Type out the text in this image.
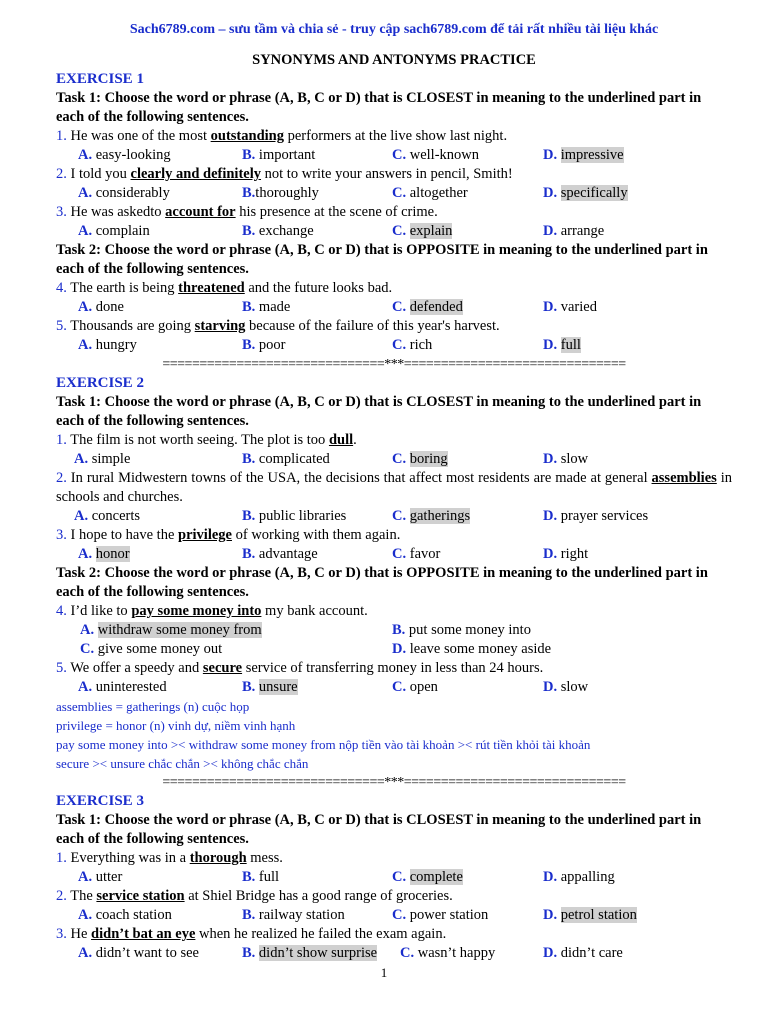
Sach6789.com – sưu tầm và chia sẻ - truy cập sach6789.com để tải rất nhiều tài liệu khác
SYNONYMS AND ANTONYMS PRACTICE
EXERCISE 1
Task 1: Choose the word or phrase (A, B, C or D) that is CLOSEST in meaning to the underlined part in each of the following sentences.
1. He was one of the most outstanding performers at the live show last night.
A. easy-looking	B. important	C. well-known	D. impressive
2. I told you clearly and definitely not to write your answers in pencil, Smith!
A. considerably	B.thoroughly	C. altogether	D. specifically
3. He was askedto account for his presence at the scene of crime.
A. complain	B. exchange	C. explain	D. arrange
Task 2: Choose the word or phrase (A, B, C or D) that is OPPOSITE in meaning to the underlined part in each of the following sentences.
4. The earth is being threatened and the future looks bad.
A. done	B. made	C. defended	D. varied
5. Thousands are going starving because of the failure of this year's harvest.
A. hungry	B. poor	C. rich	D. full
==============================***==============================
EXERCISE 2
Task 1: Choose the word or phrase (A, B, C or D) that is CLOSEST in meaning to the underlined part in each of the following sentences.
1. The film is not worth seeing. The plot is too dull.
A. simple	B. complicated	C. boring	D. slow
2. In rural Midwestern towns of the USA, the decisions that affect most residents are made at general assemblies in schools and churches.
A. concerts	B. public libraries	C. gatherings	D. prayer services
3. I hope to have the privilege of working with them again.
A. honor	B. advantage	C. favor	D. right
Task 2: Choose the word or phrase (A, B, C or D) that is OPPOSITE in meaning to the underlined part in each of the following sentences.
4. I’d like to pay some money into my bank account.
A. withdraw some money from	B. put some money into
C. give some money out	D. leave some money aside
5. We offer a speedy and secure service of transferring money in less than 24 hours.
A. uninterested	B. unsure	C. open	D. slow
assemblies = gatherings (n) cuộc họp
privilege = honor (n) vinh dự, niềm vinh hạnh
pay some money into >< withdraw some money from nộp tiền vào tài khoản >< rút tiền khỏi tài khoản
secure >< unsure chắc chắn >< không chắc chắn
==============================***==============================
EXERCISE 3
Task 1: Choose the word or phrase (A, B, C or D) that is CLOSEST in meaning to the underlined part in each of the following sentences.
1. Everything was in a thorough mess.
A. utter	B. full	C. complete	D. appalling
2. The service station at Shiel Bridge has a good range of groceries.
A. coach station	B. railway station	C. power station	D. petrol station
3. He didn’t bat an eye when he realized he failed the exam again.
A. didn’t want to see	B. didn’t show surprise C. wasn’t happy	D. didn’t care
1
